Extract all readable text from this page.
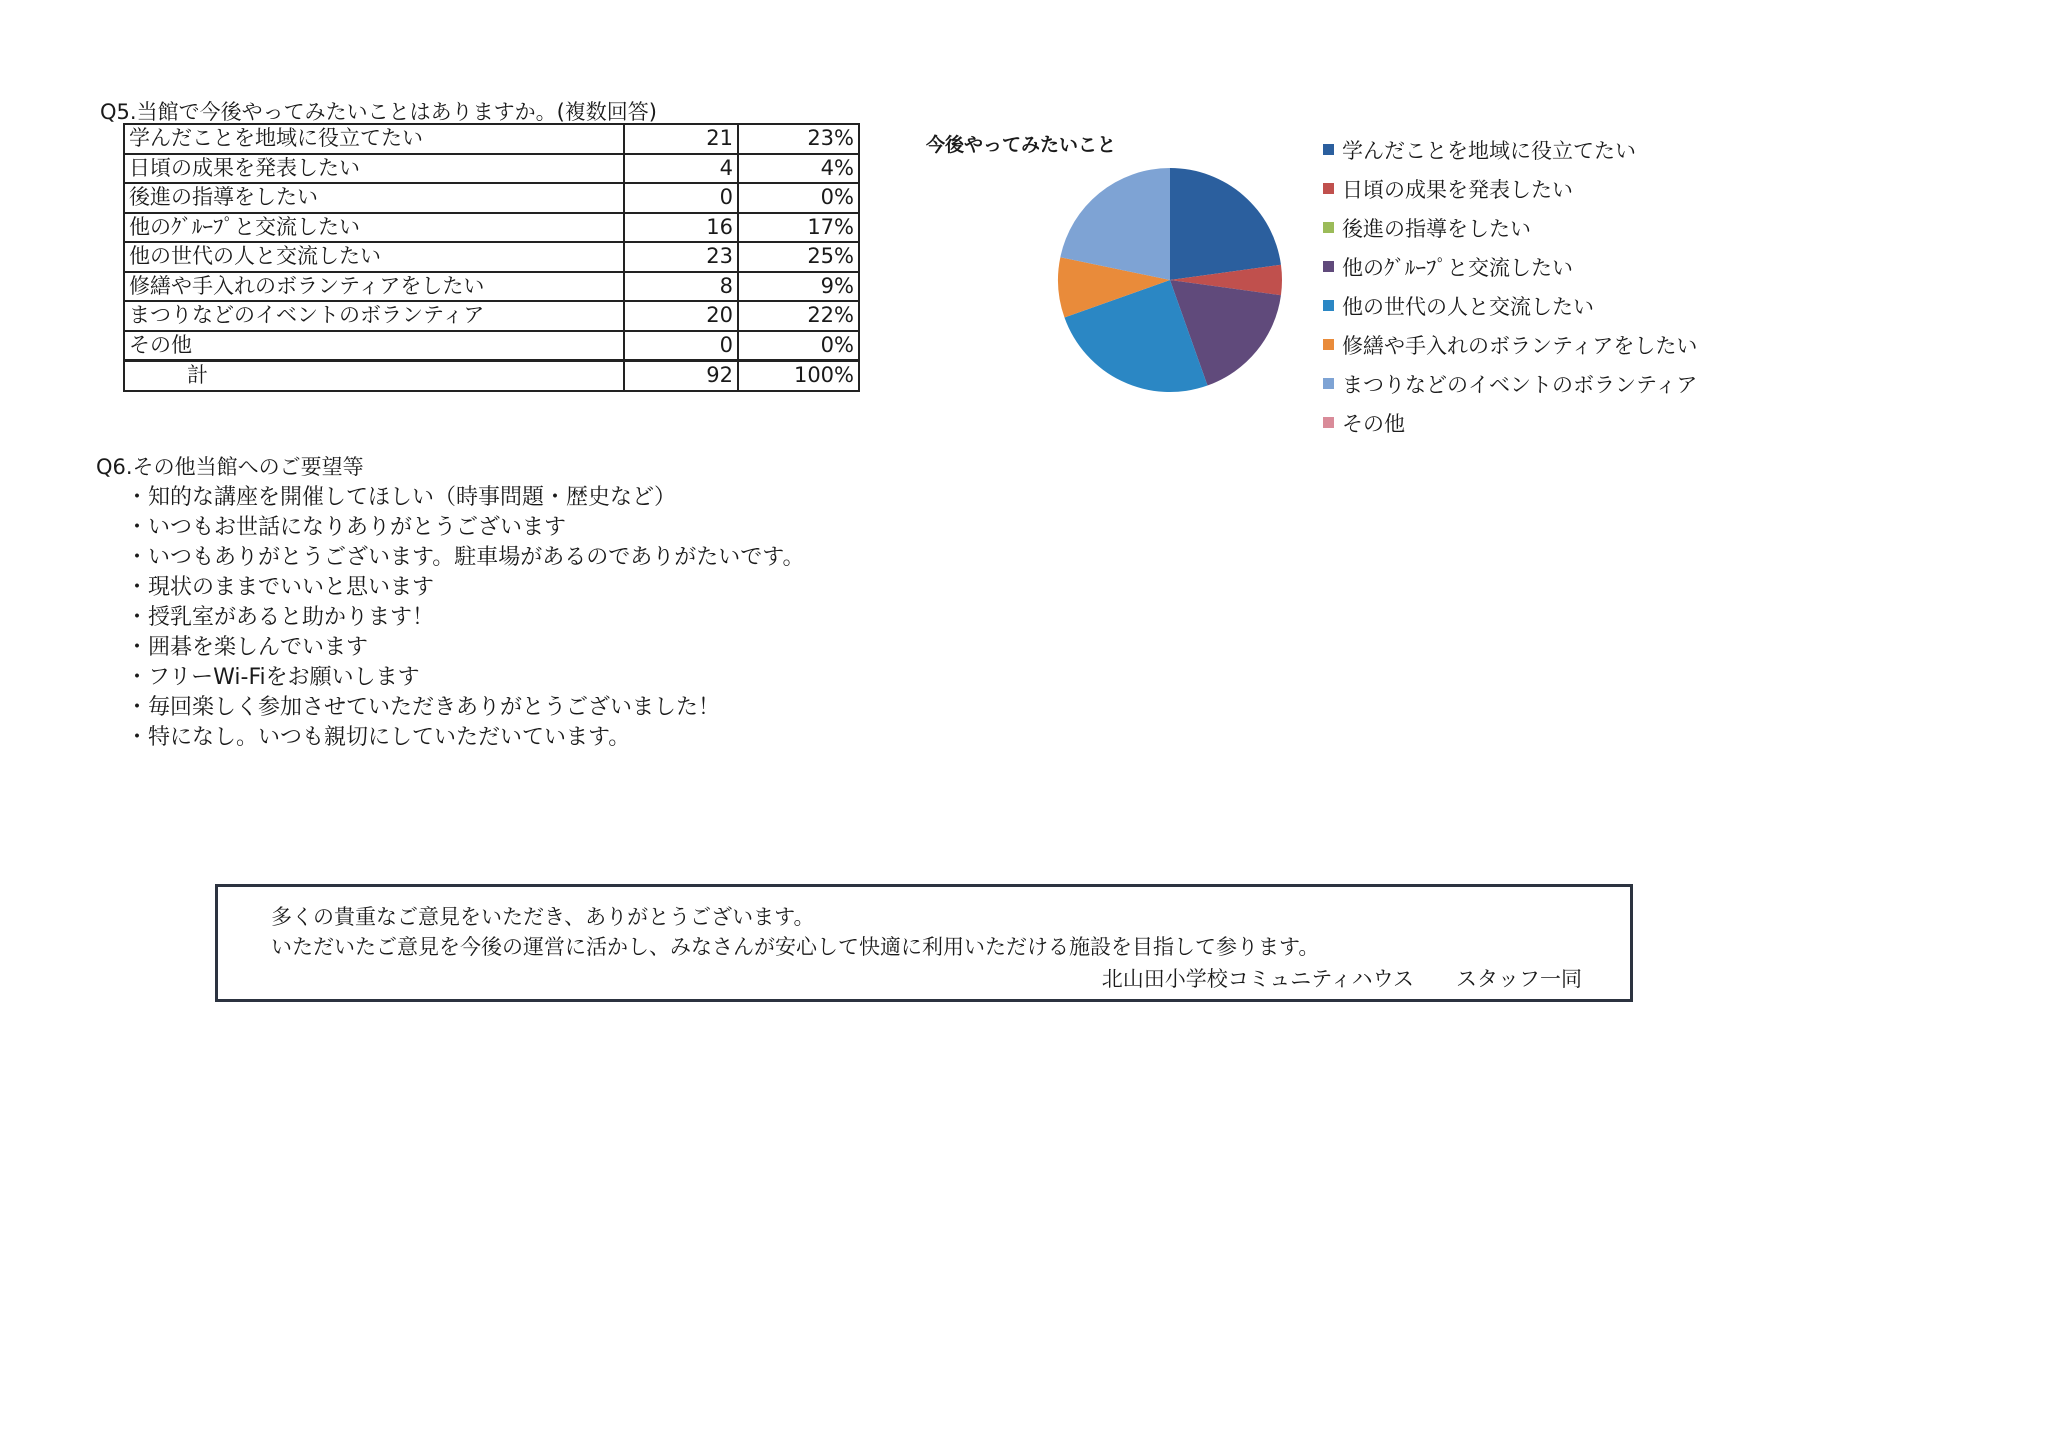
Q5.当館で今後やってみたいことはありますか。(複数回答)
学んだことを地域に役立てたい	21	23%
日頃の成果を発表したい	4	4%
後進の指導をしたい	0	0%
他のｸﾞﾙｰﾌﾟと交流したい	16	17%
他の世代の人と交流したい	23	25%
修繕や手入れのボランティアをしたい	8	9%
まつりなどのイベントのボランティア	20	22%
その他	0	0%
計	92	100%
今後やってみたいこと	学んだことを地域に役立てたい
日頃の成果を発表したい
後進の指導をしたい
他のｸﾞﾙｰﾌﾟと交流したい
他の世代の人と交流したい
修繕や手入れのボランティアをしたい
まつりなどのイベントのボランティア
その他
Q6.その他当館へのご要望等
・知的な講座を開催してほしい（時事問題・歴史など）
・いつもお世話になりありがとうございます
・いつもありがとうございます。駐車場があるのでありがたいです。
・現状のままでいいと思います
・授乳室があると助かります！
・囲碁を楽しんでいます
・フリーWi-Fiをお願いします
・毎回楽しく参加させていただきありがとうございました！
・特になし。いつも親切にしていただいています。
多くの貴重なご意見をいただき、ありがとうございます。
いただいたご意見を今後の運営に活かし、みなさんが安心して快適に利用いただける施設を目指して参ります。
北山田小学校コミュニティハウス　　スタッフ一同
